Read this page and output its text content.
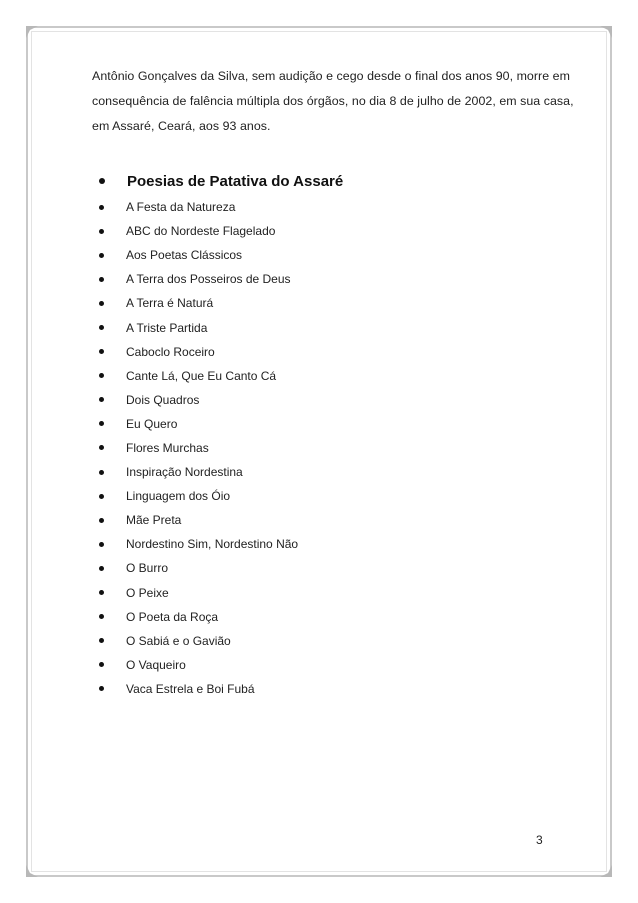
Antônio Gonçalves da Silva, sem audição e cego desde o final dos anos 90, morre em
consequência de falência múltipla dos órgãos, no dia 8 de julho de 2002, em sua casa,
em Assaré, Ceará, aos 93 anos.

Poesias de Patativa do Assaré
A Festa da Natureza
ABC do Nordeste Flagelado
Aos Poetas Clássicos
A Terra dos Posseiros de Deus
A Terra é Naturá
A Triste Partida
Caboclo Roceiro
Cante Lá, Que Eu Canto Cá
Dois Quadros
Eu Quero
Flores Murchas
Inspiração Nordestina
Linguagem dos Óio
Mãe Preta
Nordestino Sim, Nordestino Não
O Burro
O Peixe
O Poeta da Roça
O Sabiá e o Gavião
O Vaqueiro
Vaca Estrela e Boi Fubá
3
